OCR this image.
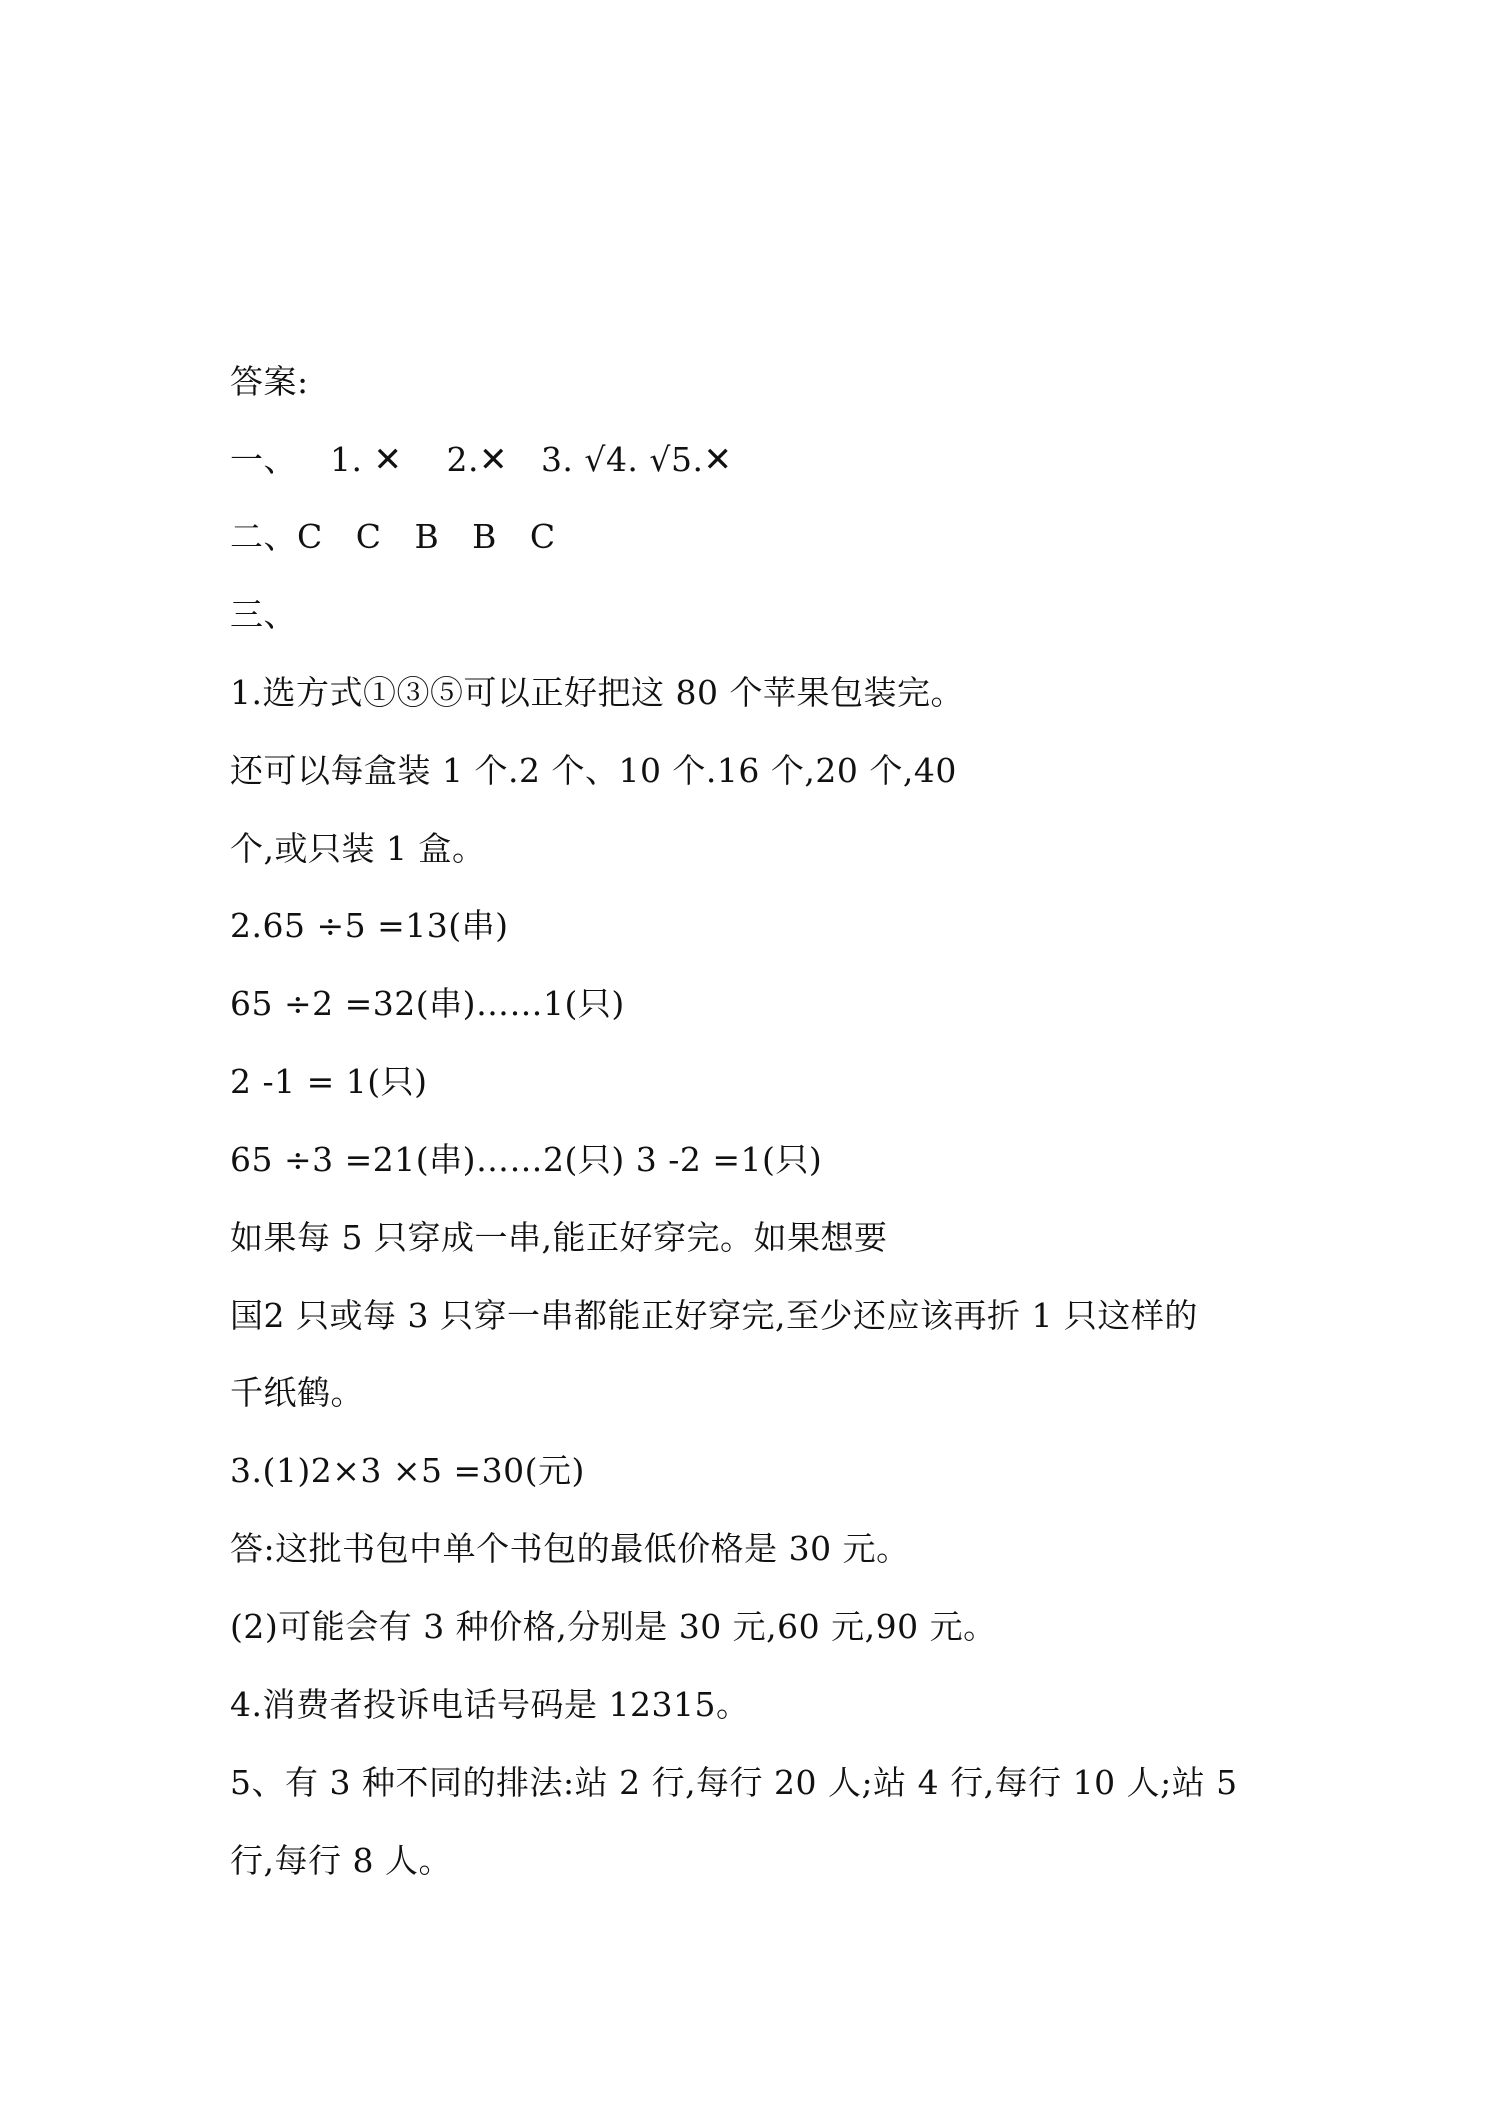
答案:
一、 1. ✕ 2.✕ 3. √4. √5.✕
二、C   C   B   B   C
三、
1.选方式①③⑤可以正好把这 80 个苹果包装完。
还可以每盒装 1 个.2 个、10 个.16 个,20 个,40
个,或只装 1 盒。
2.65 ÷5 =13(串)
65 ÷2 =32(串)……1(只)
2 -1 = 1(只)
65 ÷3 =21(串)……2(只) 3 -2 =1(只)
如果每 5 只穿成一串,能正好穿完。如果想要
国2 只或每 3 只穿一串都能正好穿完,至少还应该再折 1 只这样的
千纸鹤。
3.(1)2×3 ×5 =30(元)
答:这批书包中单个书包的最低价格是 30 元。
(2)可能会有 3 种价格,分别是 30 元,60 元,90 元。
4.消费者投诉电话号码是 12315。
5、有 3 种不同的排法:站 2 行,每行 20 人;站 4 行,每行 10 人;站 5
行,每行 8 人。
